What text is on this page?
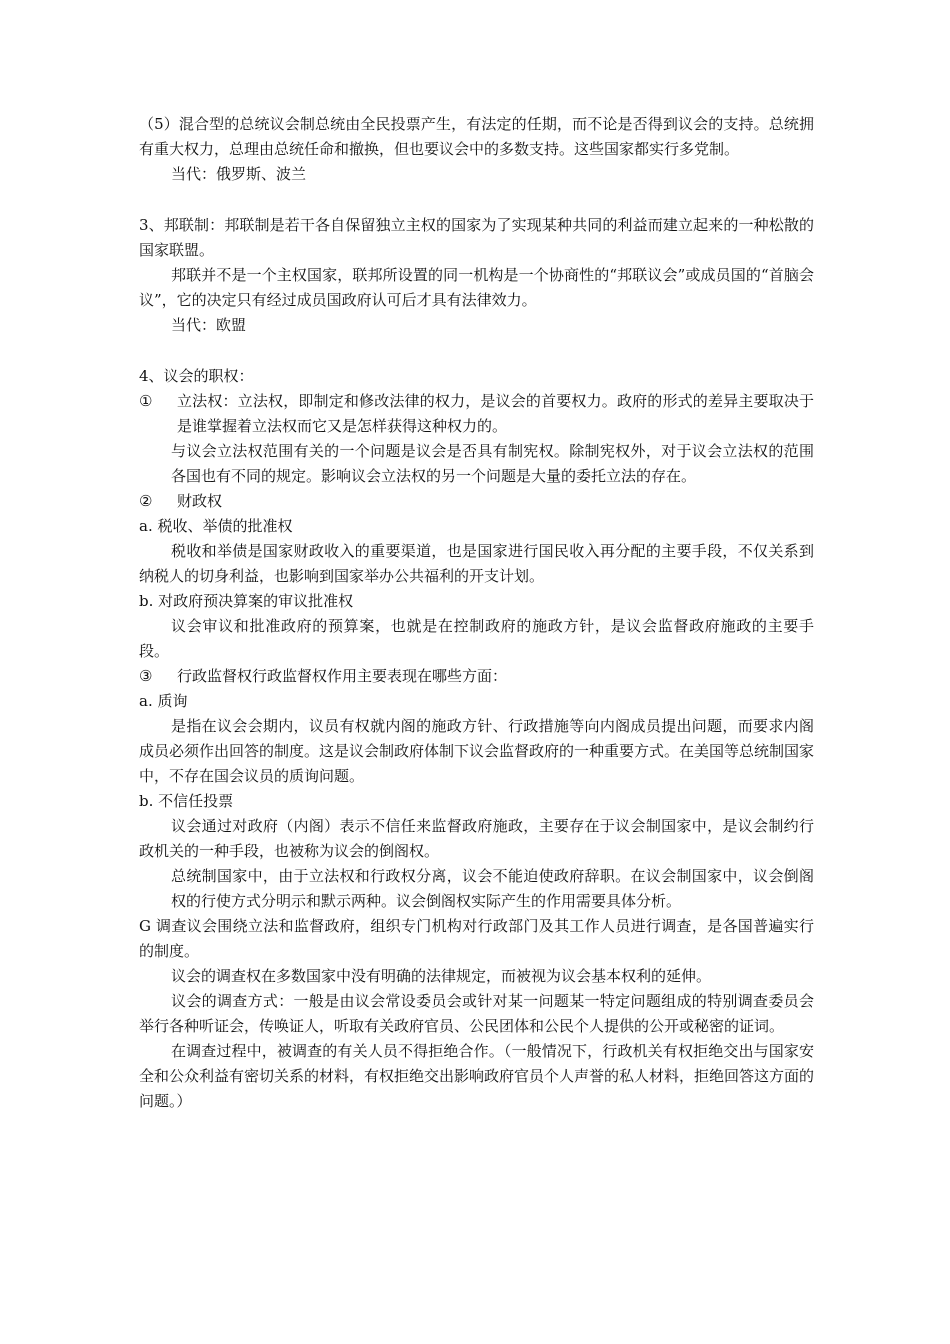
（5）混合型的总统议会制总统由全民投票产生，有法定的任期，而不论是否得到议会的支持。总统拥有重大权力，总理由总统任命和撤换，但也要议会中的多数支持。这些国家都实行多党制。

当代：俄罗斯、波兰

3、邦联制：邦联制是若干各自保留独立主权的国家为了实现某种共同的利益而建立起来的一种松散的国家联盟。

邦联并不是一个主权国家，联邦所设置的同一机构是一个协商性的“邦联议会”或成员国的“首脑会议”，它的决定只有经过成员国政府认可后才具有法律效力。

当代：欧盟

4、议会的职权：

①	立法权：立法权，即制定和修改法律的权力，是议会的首要权力。政府的形式的差异主要取决于是谁掌握着立法权而它又是怎样获得这种权力的。

与议会立法权范围有关的一个问题是议会是否具有制宪权。除制宪权外，对于议会立法权的范围各国也有不同的规定。影响议会立法权的另一个问题是大量的委托立法的存在。

②	财政权

a. 税收、举债的批准权

税收和举债是国家财政收入的重要渠道，也是国家进行国民收入再分配的主要手段，不仅关系到纳税人的切身利益，也影响到国家举办公共福利的开支计划。

b. 对政府预决算案的审议批准权

议会审议和批准政府的预算案，也就是在控制政府的施政方针，是议会监督政府施政的主要手段。

③	行政监督权行政监督权作用主要表现在哪些方面：

a. 质询

是指在议会会期内，议员有权就内阁的施政方针、行政措施等向内阁成员提出问题，而要求内阁成员必须作出回答的制度。这是议会制政府体制下议会监督政府的一种重要方式。在美国等总统制国家中，不存在国会议员的质询问题。

b. 不信任投票

议会通过对政府（内阁）表示不信任来监督政府施政，主要存在于议会制国家中，是议会制约行政机关的一种手段，也被称为议会的倒阁权。

总统制国家中，由于立法权和行政权分离，议会不能迫使政府辞职。在议会制国家中，议会倒阁权的行使方式分明示和默示两种。议会倒阁权实际产生的作用需要具体分析。

G 调查议会围绕立法和监督政府，组织专门机构对行政部门及其工作人员进行调查，是各国普遍实行的制度。

议会的调查权在多数国家中没有明确的法律规定，而被视为议会基本权利的延伸。

议会的调查方式：一般是由议会常设委员会或针对某一问题某一特定问题组成的特别调查委员会举行各种听证会，传唤证人，听取有关政府官员、公民团体和公民个人提供的公开或秘密的证词。

在调查过程中，被调查的有关人员不得拒绝合作。（一般情况下，行政机关有权拒绝交出与国家安全和公众利益有密切关系的材料，有权拒绝交出影响政府官员个人声誉的私人材料，拒绝回答这方面的问题。）
